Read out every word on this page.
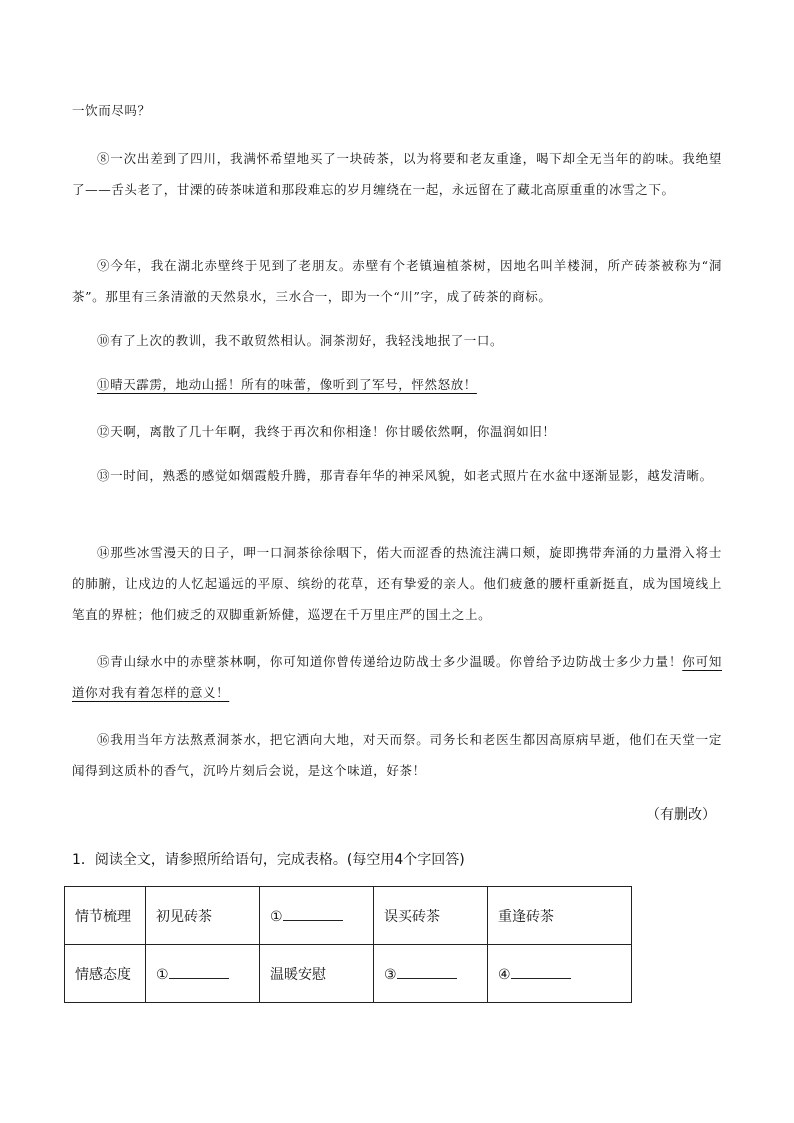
一饮而尽吗？

⑧一次出差到了四川，我满怀希望地买了一块砖茶，以为将要和老友重逢，喝下却全无当年的韵味。我绝望了——舌头老了，甘溧的砖茶味道和那段难忘的岁月缠绕在一起，永远留在了藏北高原重重的冰雪之下。

⑨今年，我在湖北赤壁终于见到了老朋友。赤壁有个老镇遍植茶树，因地名叫羊楼洞，所产砖茶被称为“洞茶”。那里有三条清澈的天然泉水，三水合一，即为一个“川”字，成了砖茶的商标。

⑩有了上次的教训，我不敢贸然相认。洞茶沏好，我轻浅地抿了一口。

⑪晴天霹雳，地动山摇！所有的味蕾，像听到了军号，怦然怒放！

⑫天啊，离散了几十年啊，我终于再次和你相逢！你甘暖依然啊，你温润如旧！

⑬一时间，熟悉的感觉如烟霞般升腾，那青春年华的神采风貌，如老式照片在水盆中逐渐显影，越发清晰。

⑭那些冰雪漫天的日子，呷一口洞茶徐徐咽下，偌大而涩香的热流注满口颊，旋即携带奔涌的力量滑入将士的肺腑，让戍边的人忆起遥远的平原、缤纷的花草，还有挚爱的亲人。他们疲惫的腰杆重新挺直，成为国境线上笔直的界桩；他们疲乏的双脚重新矫健，巡逻在千万里庄严的国土之上。

⑮青山绿水中的赤壁茶林啊，你可知道你曾传递给边防战士多少温暖。你曾给予边防战士多少力量！你可知道你对我有着怎样的意义！

⑯我用当年方法熬煮洞茶水，把它洒向大地，对天而祭。司务长和老医生都因高原病早逝，他们在天堂一定闻得到这质朴的香气，沉吟片刻后会说，是这个味道，好茶！

（有删改）
1．阅读全文，请参照所给语句，完成表格。(每空用4个字回答)
情节梳理	初见砖茶	①	误买砖茶	重逢砖茶
情感态度	①	温暖安慰	③	④
